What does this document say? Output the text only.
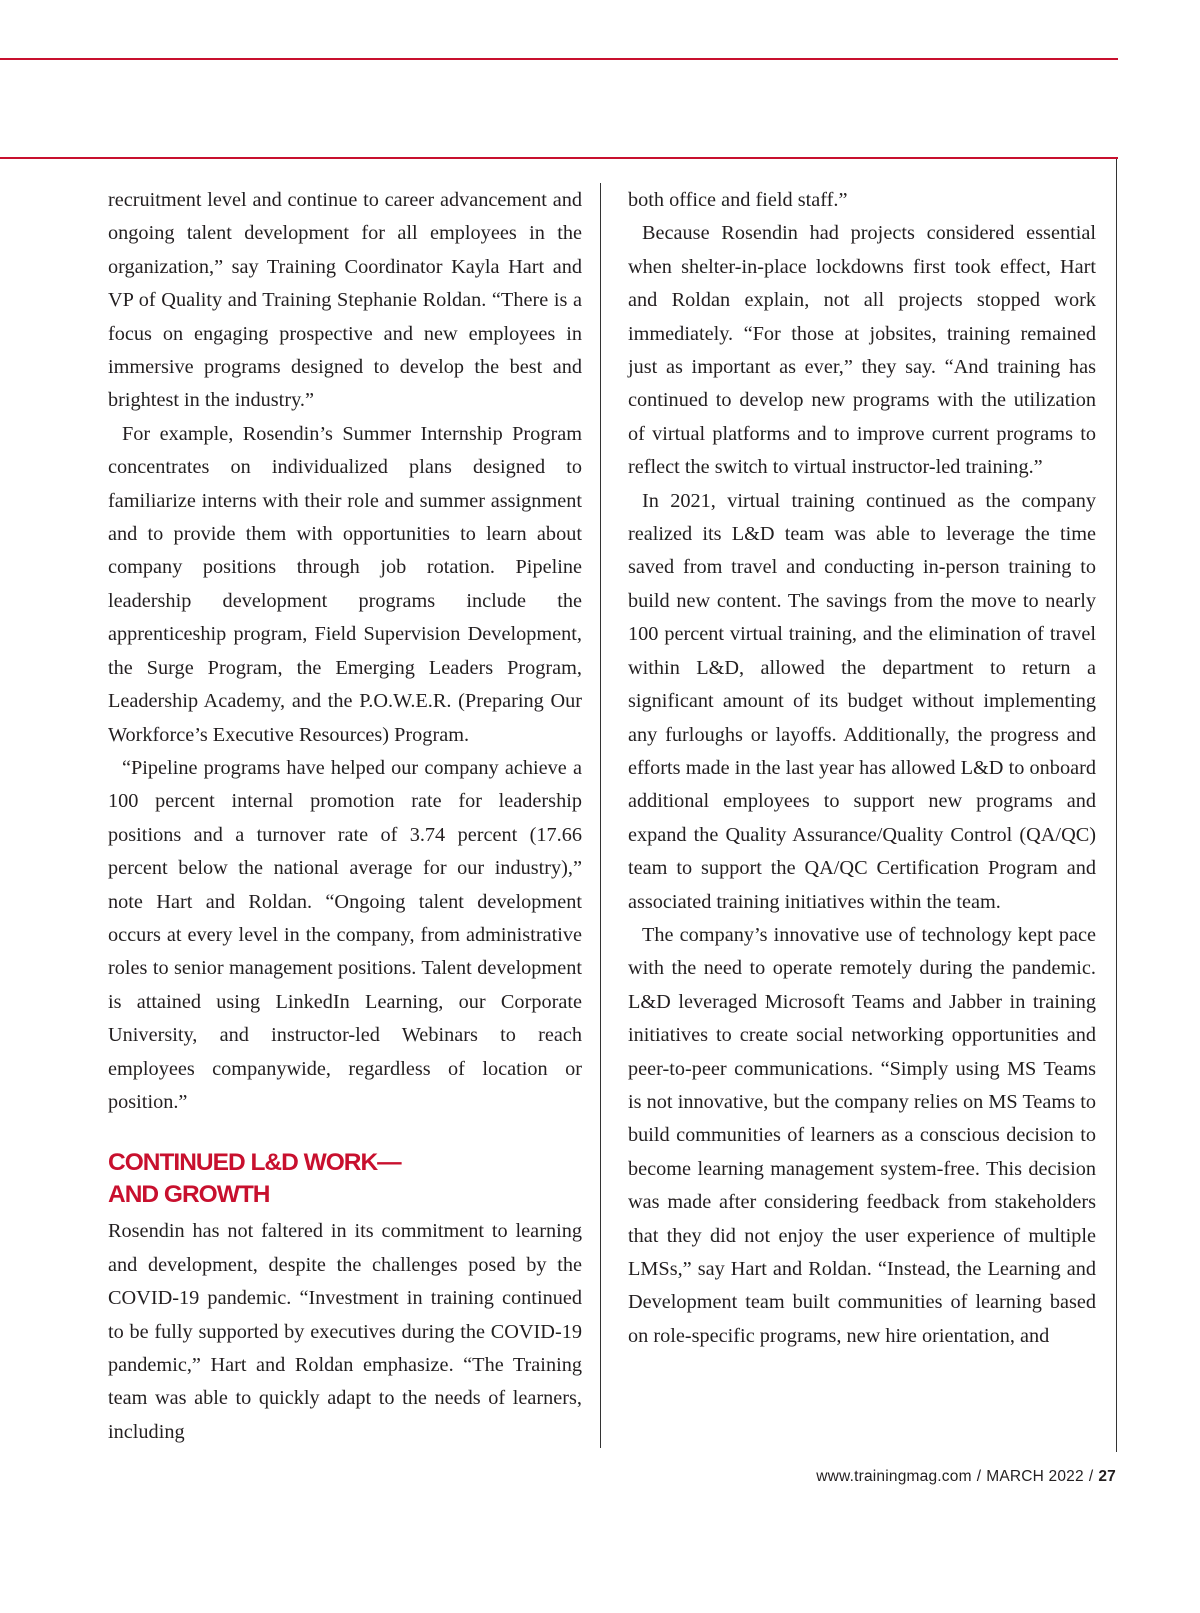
recruitment level and continue to career advancement and ongoing talent development for all employees in the organization,” say Training Coordinator Kayla Hart and VP of Quality and Training Stephanie Roldan. “There is a focus on engaging prospective and new employees in immersive programs designed to develop the best and brightest in the industry.”

For example, Rosendin’s Summer Internship Program concentrates on individualized plans designed to familiarize interns with their role and summer assignment and to provide them with opportunities to learn about company positions through job rotation. Pipeline leadership development programs include the apprenticeship program, Field Supervision Development, the Surge Program, the Emerging Leaders Program, Leadership Academy, and the P.O.W.E.R. (Preparing Our Workforce’s Executive Resources) Program.

“Pipeline programs have helped our company achieve a 100 percent internal promotion rate for leadership positions and a turnover rate of 3.74 percent (17.66 percent below the national average for our industry),” note Hart and Roldan. “Ongoing talent development occurs at every level in the company, from administrative roles to senior management positions. Talent development is attained using LinkedIn Learning, our Corporate University, and instructor-led Webinars to reach employees companywide, regardless of location or position.”

CONTINUED L&D WORK—
AND GROWTH

Rosendin has not faltered in its commitment to learning and development, despite the challenges posed by the COVID-19 pandemic. “Investment in training continued to be fully supported by executives during the COVID-19 pandemic,” Hart and Roldan emphasize. “The Training team was able to quickly adapt to the needs of learners, including

both office and field staff.”

Because Rosendin had projects considered essential when shelter-in-place lockdowns first took effect, Hart and Roldan explain, not all projects stopped work immediately. “For those at jobsites, training remained just as important as ever,” they say. “And training has continued to develop new programs with the utilization of virtual platforms and to improve current programs to reflect the switch to virtual instructor-led training.”

In 2021, virtual training continued as the company realized its L&D team was able to leverage the time saved from travel and conducting in-person training to build new content. The savings from the move to nearly 100 percent virtual training, and the elimination of travel within L&D, allowed the department to return a significant amount of its budget without implementing any furloughs or layoffs. Additionally, the progress and efforts made in the last year has allowed L&D to onboard additional employees to support new programs and expand the Quality Assurance/Quality Control (QA/QC) team to support the QA/QC Certification Program and associated training initiatives within the team.

The company’s innovative use of technology kept pace with the need to operate remotely during the pandemic. L&D leveraged Microsoft Teams and Jabber in training initiatives to create social networking opportunities and peer-to-peer communications. “Simply using MS Teams is not innovative, but the company relies on MS Teams to build communities of learners as a conscious decision to become learning management system-free. This decision was made after considering feedback from stakeholders that they did not enjoy the user experience of multiple LMSs,” say Hart and Roldan. “Instead, the Learning and Development team built communities of learning based on role-specific programs, new hire orientation, and

www.trainingmag.com / MARCH 2022 / 27
